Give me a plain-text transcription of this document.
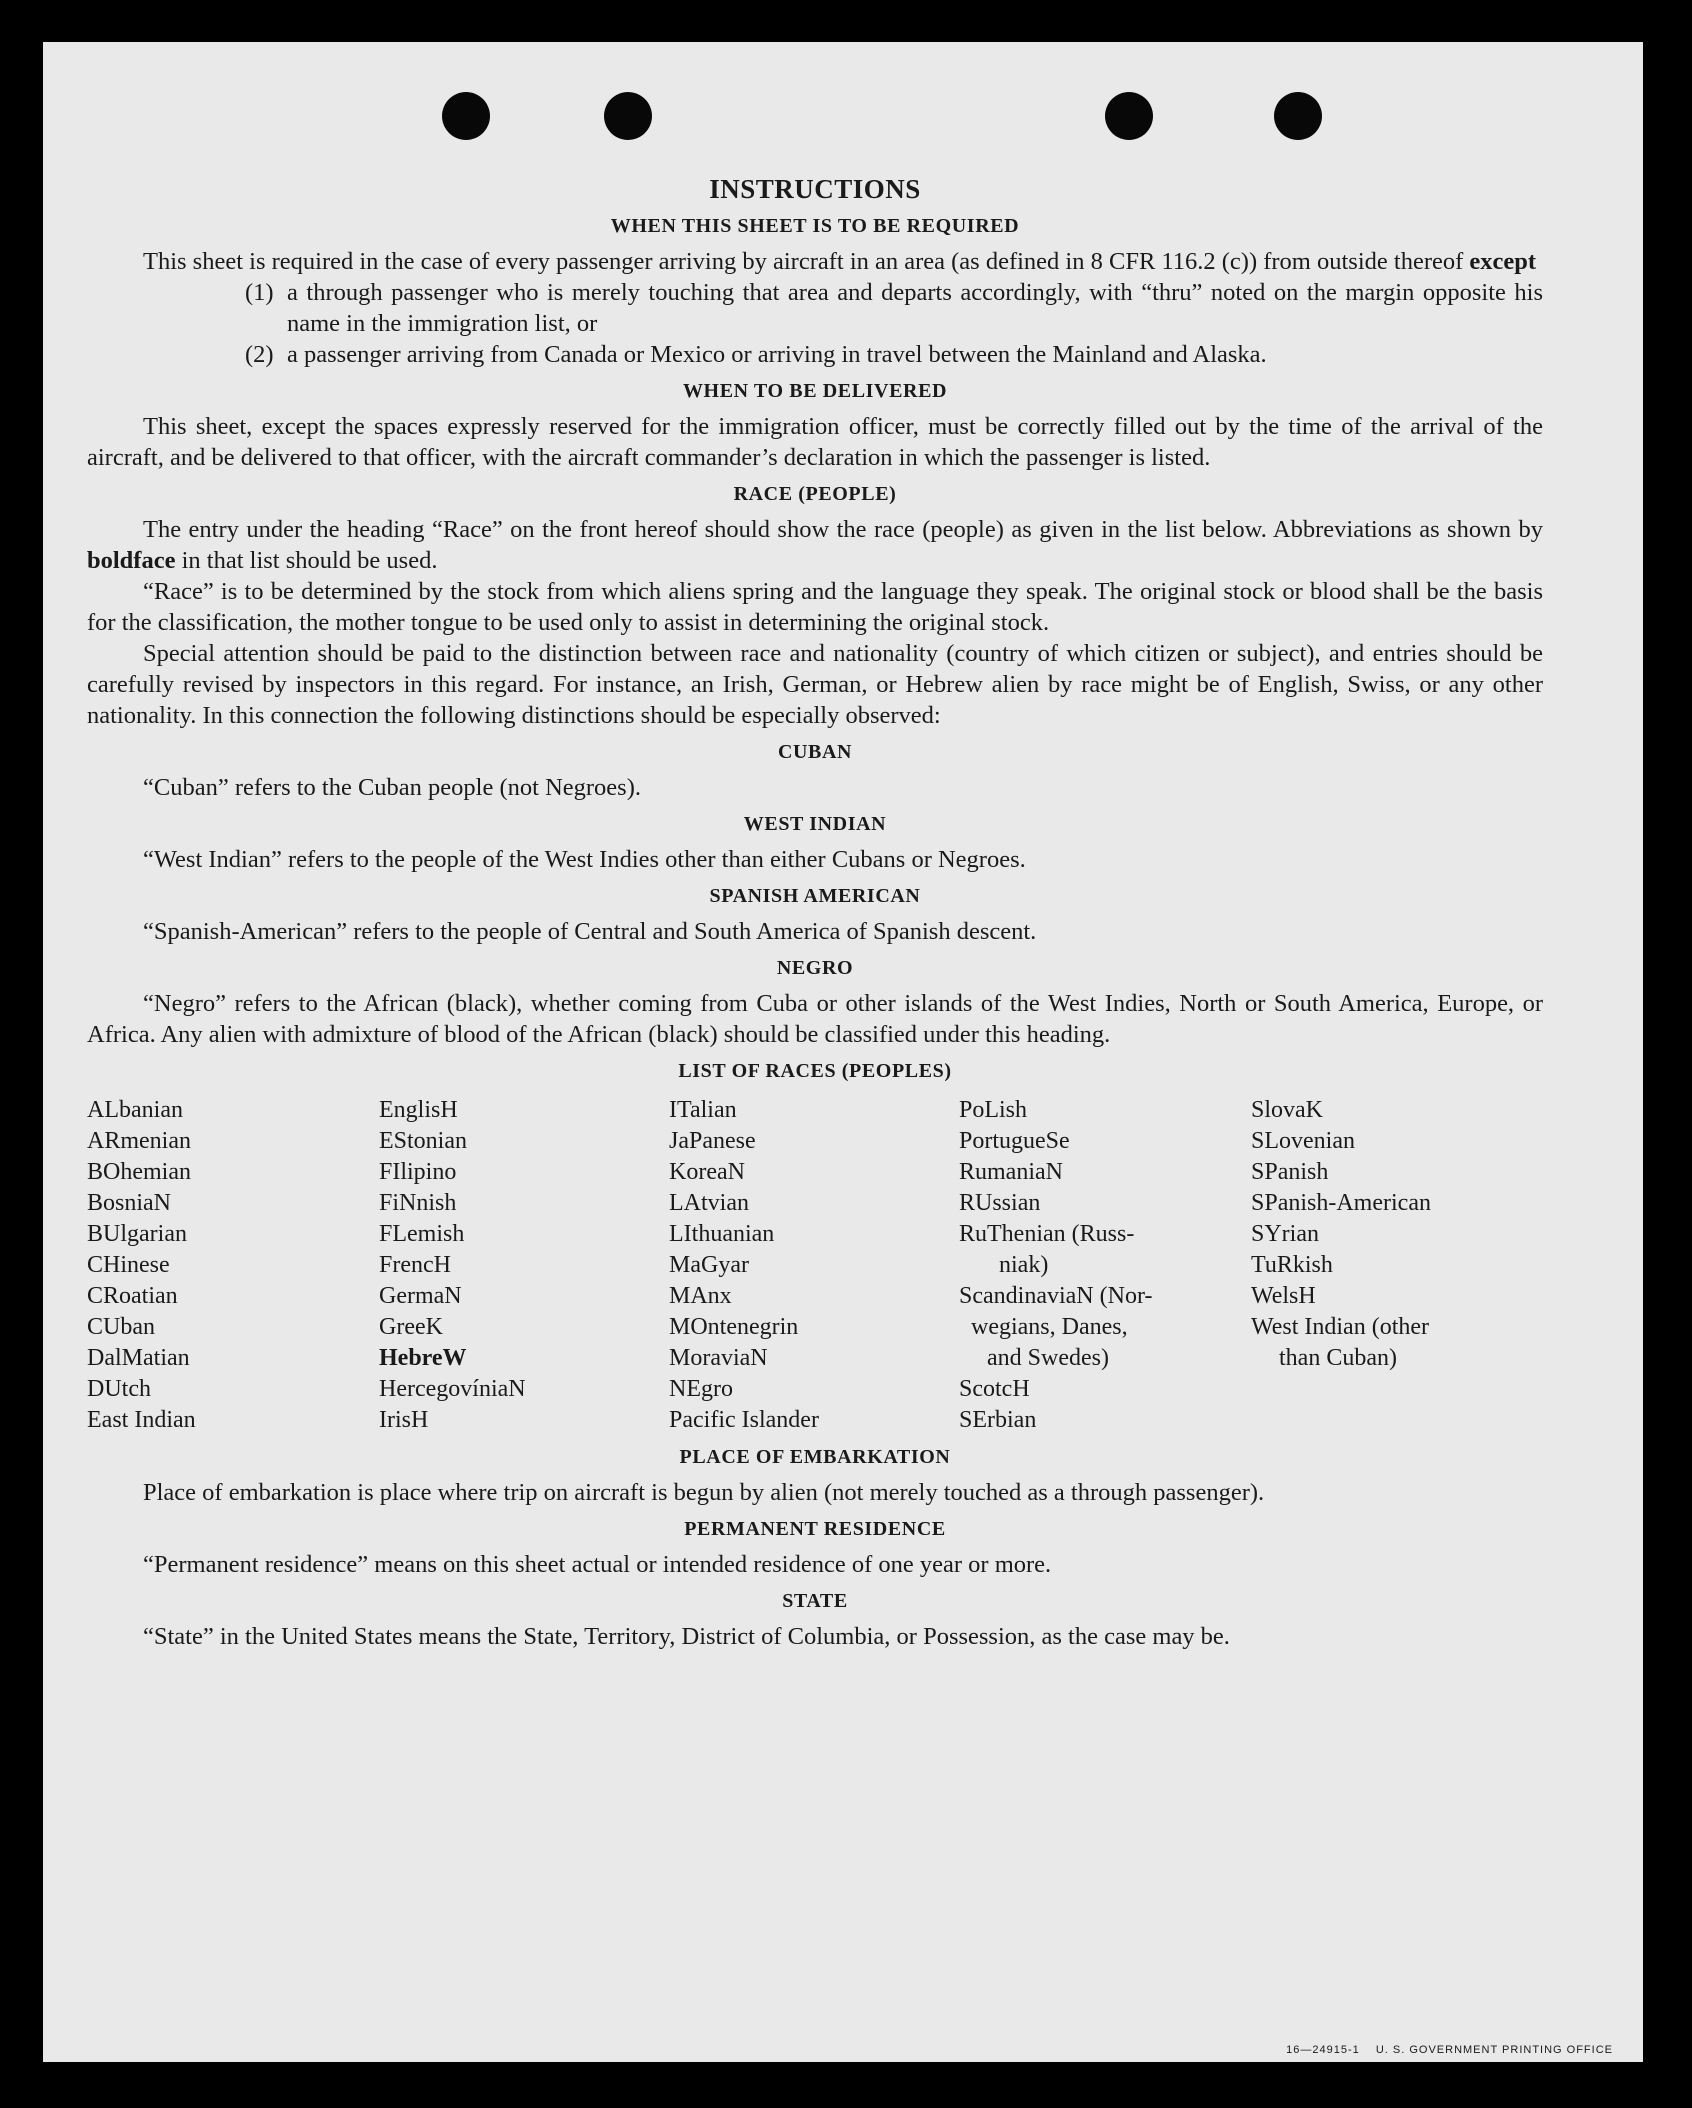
INSTRUCTIONS
WHEN THIS SHEET IS TO BE REQUIRED

This sheet is required in the case of every passenger arriving by aircraft in an area (as defined in 8 CFR 116.2 (c)) from outside thereof except

(1) a through passenger who is merely touching that area and departs accordingly, with “thru” noted on the margin opposite his name in the immigration list, or

(2) a passenger arriving from Canada or Mexico or arriving in travel between the Mainland and Alaska.

WHEN TO BE DELIVERED

This sheet, except the spaces expressly reserved for the immigration officer, must be correctly filled out by the time of the arrival of the aircraft, and be delivered to that officer, with the aircraft commander’s declaration in which the passenger is listed.

RACE (PEOPLE)

The entry under the heading “Race” on the front hereof should show the race (people) as given in the list below. Abbreviations as shown by boldface in that list should be used.

“Race” is to be determined by the stock from which aliens spring and the language they speak. The original stock or blood shall be the basis for the classification, the mother tongue to be used only to assist in determining the original stock.

Special attention should be paid to the distinction between race and nationality (country of which citizen or subject), and entries should be carefully revised by inspectors in this regard. For instance, an Irish, German, or Hebrew alien by race might be of English, Swiss, or any other nationality. In this connection the following distinctions should be especially observed:

CUBAN

“Cuban” refers to the Cuban people (not Negroes).

WEST INDIAN

“West Indian” refers to the people of the West Indies other than either Cubans or Negroes.

SPANISH AMERICAN

“Spanish-American” refers to the people of Central and South America of Spanish descent.

NEGRO

“Negro” refers to the African (black), whether coming from Cuba or other islands of the West Indies, North or South America, Europe, or Africa. Any alien with admixture of blood of the African (black) should be classified under this heading.

LIST OF RACES (PEOPLES)
ALbanian
ARmenian
BOhemian
BosniaN
BUlgarian
CHinese
CRoatian
CUban
DalMatian
DUtch
East Indian
EnglisH
EStonian
FIlipino
FiNnish
FLemish
FrencH
GermaN
GreeK
HebreW
HercegovíniaN
IrisH
ITalian
JaPanese
KoreaN
LAtvian
LIthuanian
MaGyar
MAnx
MOntenegrin
MoraviaN
NEgro
Pacific Islander
PoLish
PortugueSe
RumaniaN
RUssian
RuThenian (Russ-
niak)
ScandinaviaN (Nor-
wegians, Danes,
and Swedes)
ScotcH
SErbian
SlovaK
SLovenian
SPanish
SPanish-American
SYrian
TuRkish
WelsH
West Indian (other
than Cuban)
PLACE OF EMBARKATION

Place of embarkation is place where trip on aircraft is begun by alien (not merely touched as a through passenger).

PERMANENT RESIDENCE

“Permanent residence” means on this sheet actual or intended residence of one year or more.

STATE

“State” in the United States means the State, Territory, District of Columbia, or Possession, as the case may be.

16—24915-1 U. S. GOVERNMENT PRINTING OFFICE
